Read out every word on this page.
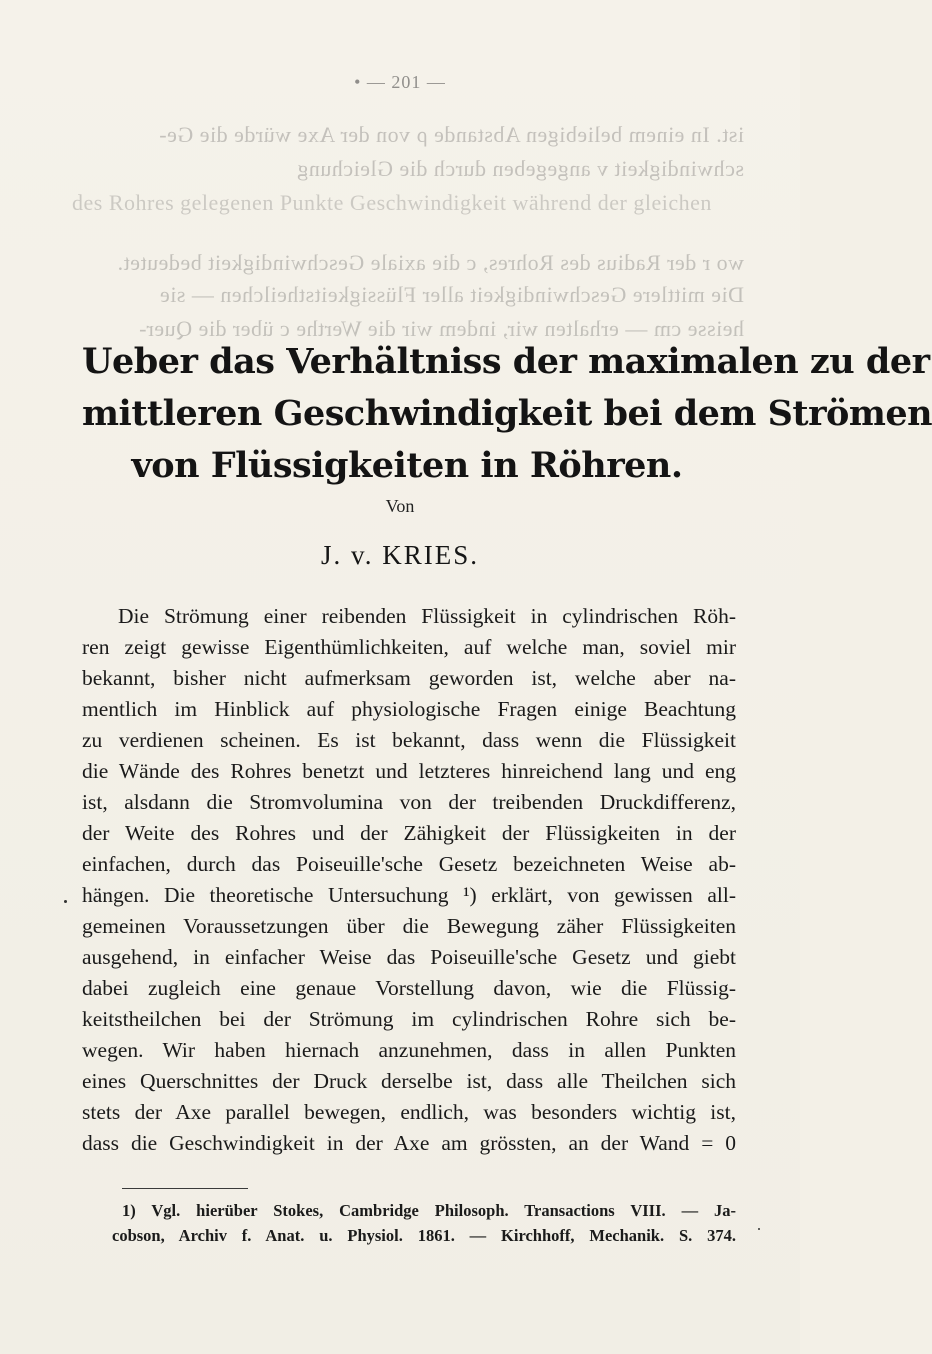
ist. In einem beliebigen Abstande ρ von der Axe würde die Ge-
schwindigkeit v angegeben durch die Gleichung
des Rohres gelegenen Punkte Geschwindigkeit während der gleichen
wo r der Radius des Rohres, c die axiale Geschwindigkeit bedeutet.
Die mittlere Geschwindigkeit aller Flüssigkeitstheilchen — sie
heisse cm — erhalten wir, indem wir die Werthe c über die Quer-
• — 201 —
Ueber das Verhältniss der maximalen zu der
mittleren Geschwindigkeit bei dem Strömen
von Flüssigkeiten in Röhren.
Von
J. v. KRIES.
Die Strömung einer reibenden Flüssigkeit in cylindrischen Röh-
ren zeigt gewisse Eigenthümlichkeiten, auf welche man, soviel mir
bekannt, bisher nicht aufmerksam geworden ist, welche aber na-
mentlich im Hinblick auf physiologische Fragen einige Beachtung
zu verdienen scheinen. Es ist bekannt, dass wenn die Flüssigkeit
die Wände des Rohres benetzt und letzteres hinreichend lang und eng
ist, alsdann die Stromvolumina von der treibenden Druckdifferenz,
der Weite des Rohres und der Zähigkeit der Flüssigkeiten in der
einfachen, durch das Poiseuille'sche Gesetz bezeichneten Weise ab-
hängen. Die theoretische Untersuchung ¹) erklärt, von gewissen all-
gemeinen Voraussetzungen über die Bewegung zäher Flüssigkeiten
ausgehend, in einfacher Weise das Poiseuille'sche Gesetz und giebt
dabei zugleich eine genaue Vorstellung davon, wie die Flüssig-
keitstheilchen bei der Strömung im cylindrischen Rohre sich be-
wegen. Wir haben hiernach anzunehmen, dass in allen Punkten
eines Querschnittes der Druck derselbe ist, dass alle Theilchen sich
stets der Axe parallel bewegen, endlich, was besonders wichtig ist,
dass die Geschwindigkeit in der Axe am grössten, an der Wand = 0
1) Vgl. hierüber Stokes, Cambridge Philosoph. Transactions VIII. — Ja-
cobson, Archiv f. Anat. u. Physiol. 1861. — Kirchhoff, Mechanik. S. 374.
